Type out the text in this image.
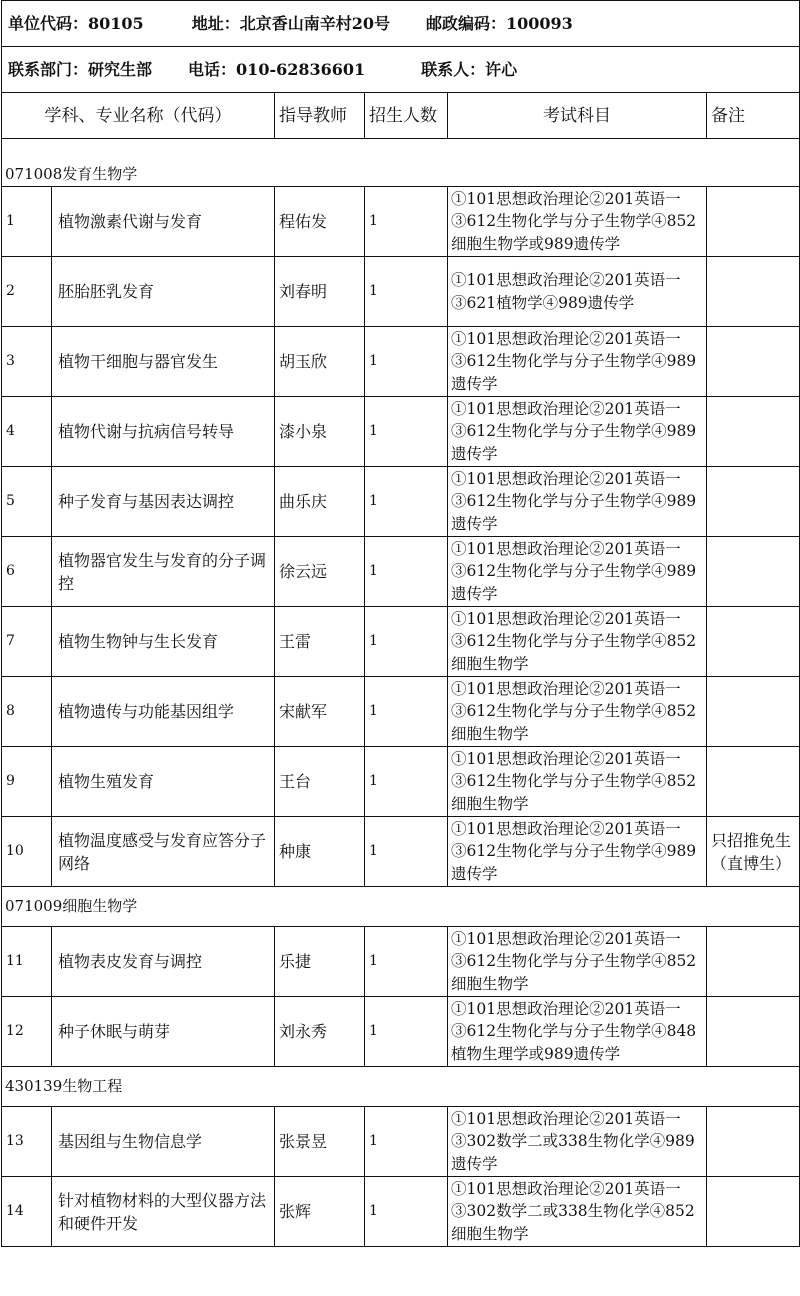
单位代码：80105 地址：北京香山南辛村20号 邮政编码：100093					
联系部门：研究生部 电话：010-62836601 联系人：许心					
学科、专业名称（代码）		指导教师	招生人数	考试科目	备注

071008发育生物学					
1	植物激素代谢与发育	程佑发	1	①101思想政治理论②201英语一③612生物化学与分子生物学④852细胞生物学或989遗传学	
2	胚胎胚乳发育	刘春明	1	①101思想政治理论②201英语一③621植物学④989遗传学	
3	植物干细胞与器官发生	胡玉欣	1	①101思想政治理论②201英语一③612生物化学与分子生物学④989遗传学	
4	植物代谢与抗病信号转导	漆小泉	1	①101思想政治理论②201英语一③612生物化学与分子生物学④989遗传学	
5	种子发育与基因表达调控	曲乐庆	1	①101思想政治理论②201英语一③612生物化学与分子生物学④989遗传学	
6	植物器官发生与发育的分子调控	徐云远	1	①101思想政治理论②201英语一③612生物化学与分子生物学④989遗传学	
7	植物生物钟与生长发育	王雷	1	①101思想政治理论②201英语一③612生物化学与分子生物学④852细胞生物学	
8	植物遗传与功能基因组学	宋献军	1	①101思想政治理论②201英语一③612生物化学与分子生物学④852细胞生物学	
9	植物生殖发育	王台	1	①101思想政治理论②201英语一③612生物化学与分子生物学④852细胞生物学	
10	植物温度感受与发育应答分子网络	种康	1	①101思想政治理论②201英语一③612生物化学与分子生物学④989遗传学	只招推免生（直博生）
071009细胞生物学					
11	植物表皮发育与调控	乐捷	1	①101思想政治理论②201英语一③612生物化学与分子生物学④852细胞生物学	
12	种子休眠与萌芽	刘永秀	1	①101思想政治理论②201英语一③612生物化学与分子生物学④848植物生理学或989遗传学	
430139生物工程					
13	基因组与生物信息学	张景昱	1	①101思想政治理论②201英语一③302数学二或338生物化学④989遗传学	
14	针对植物材料的大型仪器方法和硬件开发	张辉	1	①101思想政治理论②201英语一③302数学二或338生物化学④852细胞生物学	
